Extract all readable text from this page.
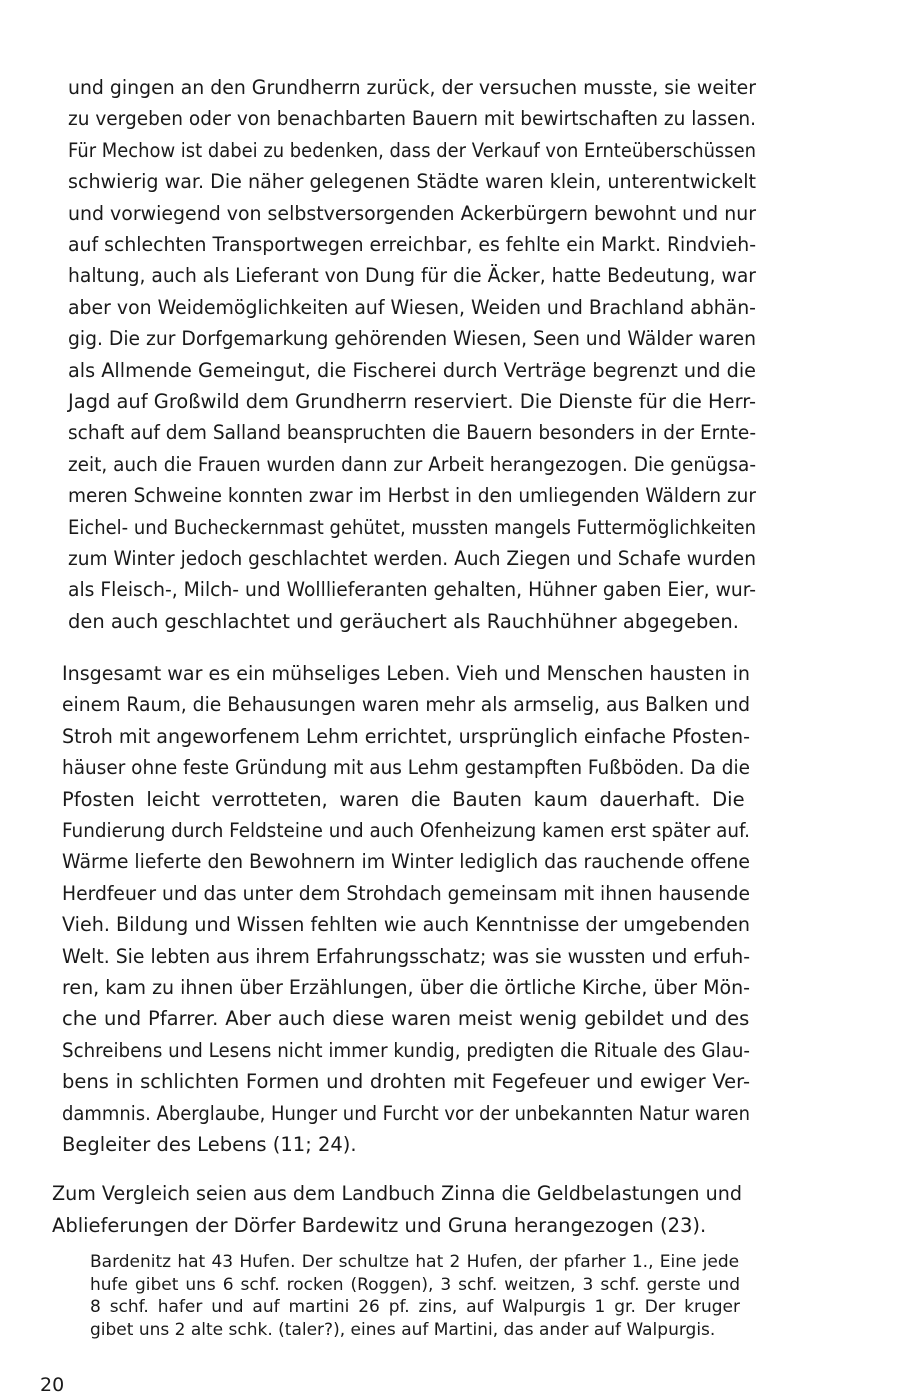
und gingen an den Grundherrn zurück, der versuchen musste, sie weiter
zu vergeben oder von benachbarten Bauern mit bewirtschaften zu lassen.
Für Mechow ist dabei zu bedenken, dass der Verkauf von Ernteüberschüssen
schwierig war. Die näher gelegenen Städte waren klein, unterentwickelt
und vorwiegend von selbstversorgenden Ackerbürgern bewohnt und nur
auf schlechten Transportwegen erreichbar, es fehlte ein Markt. Rindvieh-
haltung, auch als Lieferant von Dung für die Äcker, hatte Bedeutung, war
aber von Weidemöglichkeiten auf Wiesen, Weiden und Brachland abhän-
gig. Die zur Dorfgemarkung gehörenden Wiesen, Seen und Wälder waren
als Allmende Gemeingut, die Fischerei durch Verträge begrenzt und die
Jagd auf Großwild dem Grundherrn reserviert. Die Dienste für die Herr-
schaft auf dem Salland beanspruchten die Bauern besonders in der Ernte-
zeit, auch die Frauen wurden dann zur Arbeit herangezogen. Die genügsa-
meren Schweine konnten zwar im Herbst in den umliegenden Wäldern zur
Eichel- und Bucheckernmast gehütet, mussten mangels Futtermöglichkeiten
zum Winter jedoch geschlachtet werden. Auch Ziegen und Schafe wurden
als Fleisch-, Milch- und Wolllieferanten gehalten, Hühner gaben Eier, wur-
den auch geschlachtet und geräuchert als Rauchhühner abgegeben.
Insgesamt war es ein mühseliges Leben. Vieh und Menschen hausten in
einem Raum, die Behausungen waren mehr als armselig, aus Balken und
Stroh mit angeworfenem Lehm errichtet, ursprünglich einfache Pfosten-
häuser ohne feste Gründung mit aus Lehm gestampften Fußböden. Da die
Pfosten leicht verrotteten, waren die Bauten kaum dauerhaft. Die
Fundierung durch Feldsteine und auch Ofenheizung kamen erst später auf.
Wärme lieferte den Bewohnern im Winter lediglich das rauchende offene
Herdfeuer und das unter dem Strohdach gemeinsam mit ihnen hausende
Vieh. Bildung und Wissen fehlten wie auch Kenntnisse der umgebenden
Welt. Sie lebten aus ihrem Erfahrungsschatz; was sie wussten und erfuh-
ren, kam zu ihnen über Erzählungen, über die örtliche Kirche, über Mön-
che und Pfarrer. Aber auch diese waren meist wenig gebildet und des
Schreibens und Lesens nicht immer kundig, predigten die Rituale des Glau-
bens in schlichten Formen und drohten mit Fegefeuer und ewiger Ver-
dammnis. Aberglaube, Hunger und Furcht vor der unbekannten Natur waren
Begleiter des Lebens (11; 24).
Zum Vergleich seien aus dem Landbuch Zinna die Geldbelastungen und
Ablieferungen der Dörfer Bardewitz und Gruna herangezogen (23).
Bardenitz hat 43 Hufen. Der schultze hat 2 Hufen, der pfarher 1., Eine jede
hufe gibet uns 6 schf. rocken (Roggen), 3 schf. weitzen, 3 schf. gerste und
8 schf. hafer und auf martini 26 pf. zins, auf Walpurgis 1 gr. Der kruger
gibet uns 2 alte schk. (taler?), eines auf Martini, das ander auf Walpurgis.
20
